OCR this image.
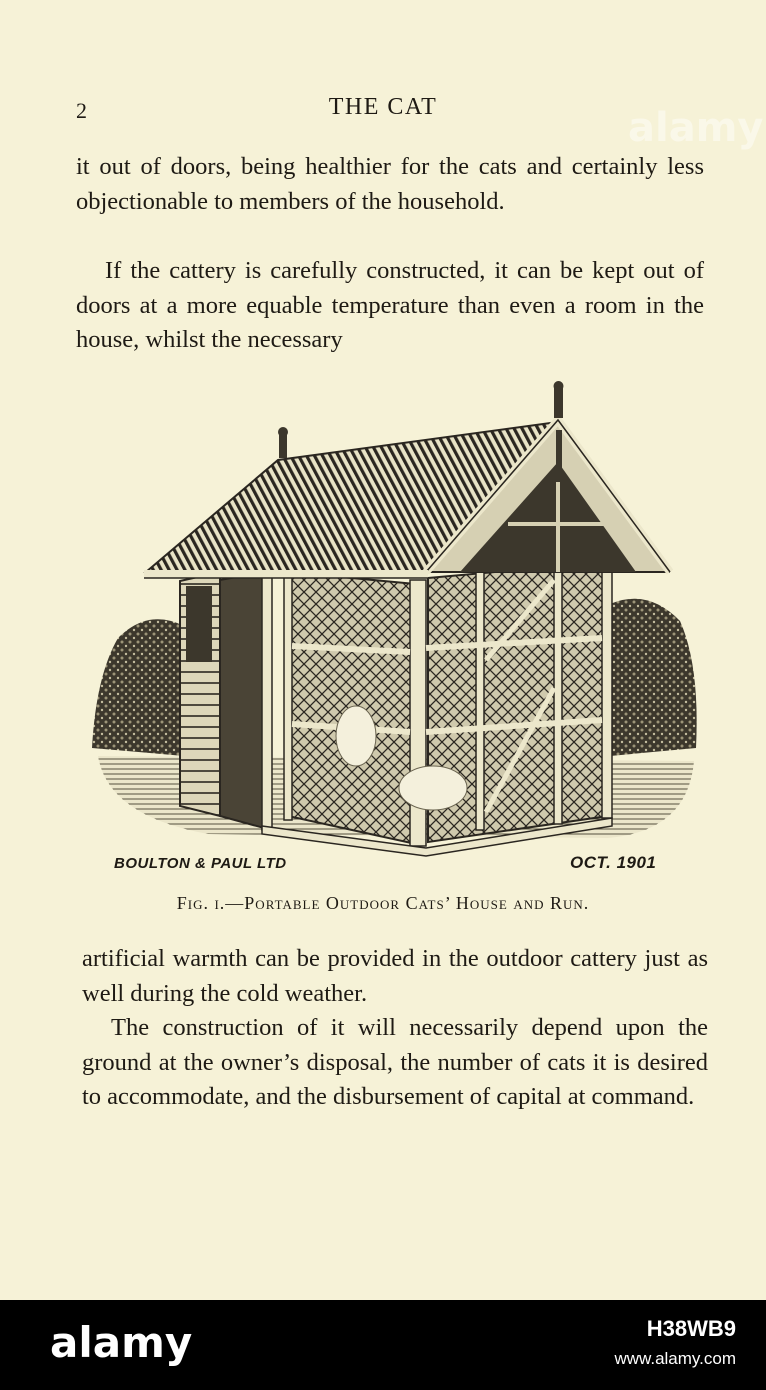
2	THE CAT

it out of doors, being healthier for the cats and certainly less objectionable to members of the household.

If the cattery is carefully constructed, it can be kept out of doors at a more equable temperature than even a room in the house, whilst the necessary

BOULTON & PAUL LTD	OCT. 1901
Fig. i.—Portable Outdoor Cats’ House and Run.

artificial warmth can be provided in the outdoor cattery just as well during the cold weather.

The construction of it will necessarily depend upon the ground at the owner’s disposal, the number of cats it is desired to accommodate, and the disbursement of capital at command.

alamy
alamy	H38WB9
www.alamy.com
